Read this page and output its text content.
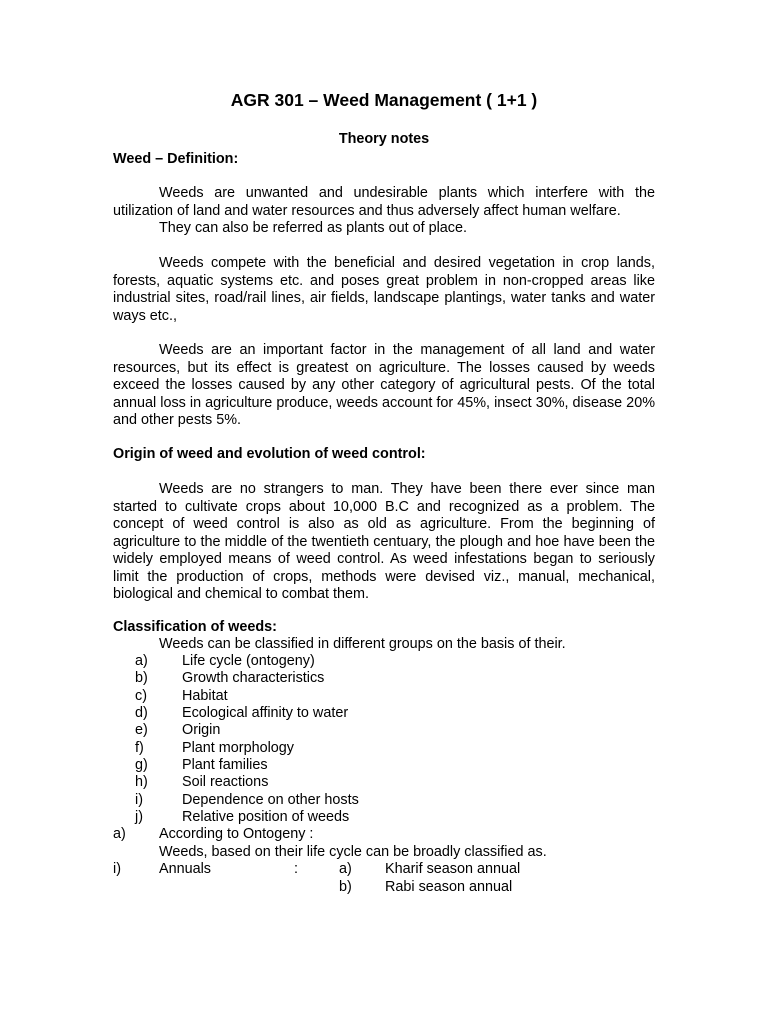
AGR 301 – Weed Management ( 1+1 )
Theory notes

Weed – Definition:

Weeds are unwanted and undesirable plants which interfere with the utilization of land and water resources and thus adversely affect human welfare.

They can also be referred as plants out of place.

Weeds compete with the beneficial and desired vegetation in crop lands, forests, aquatic systems etc. and poses great problem in non-cropped areas like industrial sites, road/rail lines, air fields, landscape plantings, water tanks and water ways etc.,

Weeds are an important factor in the management of all land and water resources, but its effect is greatest on agriculture. The losses caused by weeds exceed the losses caused by any other category of agricultural pests. Of the total annual loss in agriculture produce, weeds account for 45%, insect 30%, disease 20% and other pests 5%.

Origin of weed and evolution of weed control:

Weeds are no strangers to man. They have been there ever since man started to cultivate crops about 10,000 B.C and recognized as a problem. The concept of weed control is also as old as agriculture. From the beginning of agriculture to the middle of the twentieth centuary, the plough and hoe have been the widely employed means of weed control. As weed infestations began to seriously limit the production of crops, methods were devised viz., manual, mechanical, biological and chemical to combat them.

Classification of weeds:

Weeds can be classified in different groups on the basis of their.

a) Life cycle (ontogeny)
b) Growth characteristics
c) Habitat
d) Ecological affinity to water
e) Origin
f)	Plant morphology
g) Plant families
h) Soil reactions
i)	Dependence on other hosts
j)	Relative position of weeds
a) According to Ontogeny :
Weeds, based on their life cycle can be broadly classified as.
i)	Annuals	:	a) Kharif season annual
b) Rabi season annual
